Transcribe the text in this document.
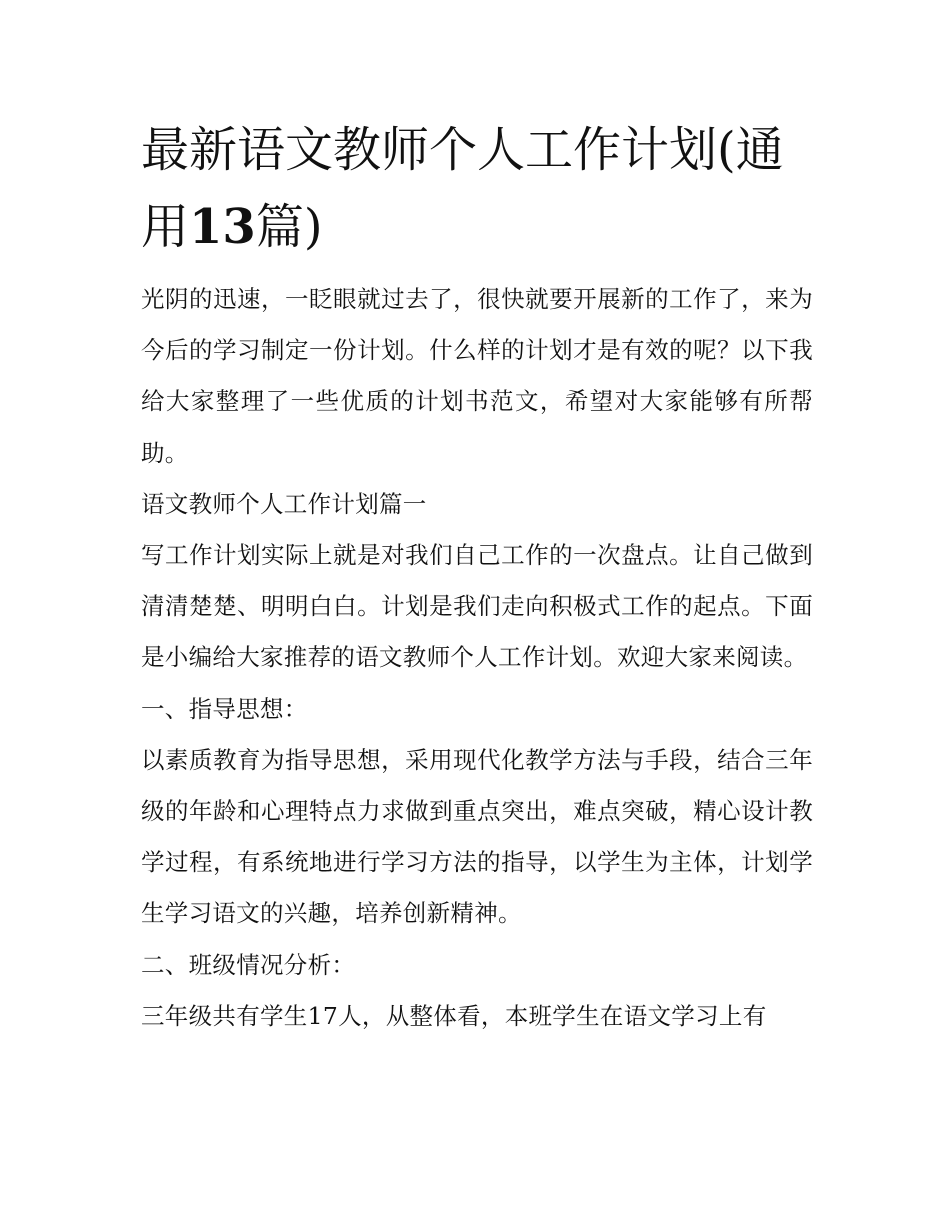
最新语文教师个人工作计划(通
用13篇)

光阴的迅速，一眨眼就过去了，很快就要开展新的工作了，来为今后的学习制定一份计划。什么样的计划才是有效的呢？以下我给大家整理了一些优质的计划书范文，希望对大家能够有所帮助。

语文教师个人工作计划篇一

写工作计划实际上就是对我们自己工作的一次盘点。让自己做到清清楚楚、明明白白。计划是我们走向积极式工作的起点。下面是小编给大家推荐的语文教师个人工作计划。欢迎大家来阅读。

一、指导思想：

以素质教育为指导思想，采用现代化教学方法与手段，结合三年级的年龄和心理特点力求做到重点突出，难点突破，精心设计教学过程，有系统地进行学习方法的指导，以学生为主体，计划学生学习语文的兴趣，培养创新精神。

二、班级情况分析：

三年级共有学生17人，从整体看，本班学生在语文学习上有
